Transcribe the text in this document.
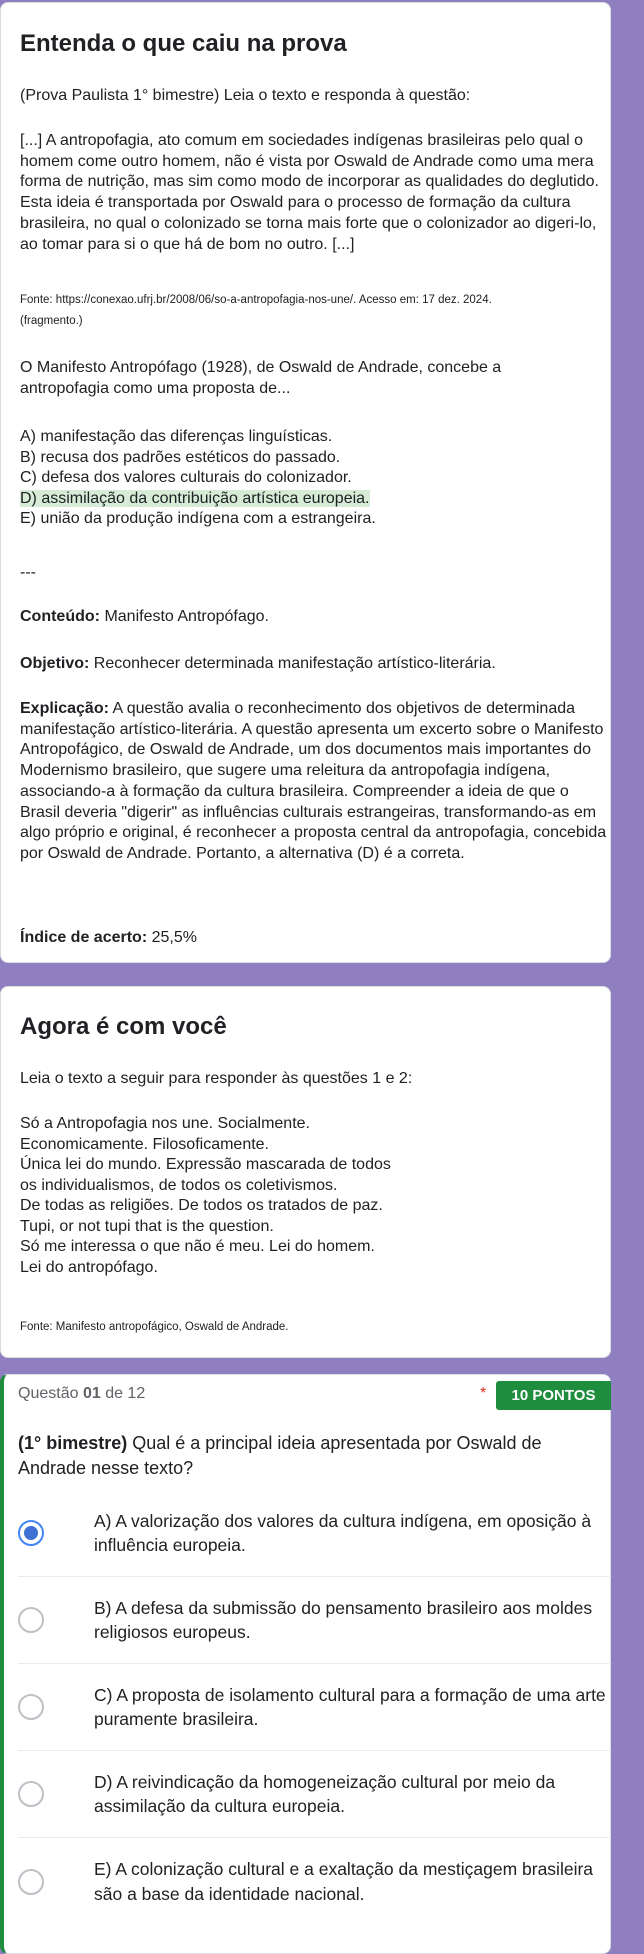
Entenda o que caiu na prova

(Prova Paulista 1° bimestre) Leia o texto e responda à questão:

[...] A antropofagia, ato comum em sociedades indígenas brasileiras pelo qual o homem come outro homem, não é vista por Oswald de Andrade como uma mera forma de nutrição, mas sim como modo de incorporar as qualidades do deglutido. Esta ideia é transportada por Oswald para o processo de formação da cultura brasileira, no qual o colonizado se torna mais forte que o colonizador ao digeri-lo, ao tomar para si o que há de bom no outro. [...]

Fonte: https://conexao.ufrj.br/2008/06/so-a-antropofagia-nos-une/. Acesso em: 17 dez. 2024.

(fragmento.)

O Manifesto Antropófago (1928), de Oswald de Andrade, concebe a antropofagia como uma proposta de...

A) manifestação das diferenças linguísticas.
B) recusa dos padrões estéticos do passado.
C) defesa dos valores culturais do colonizador.
D) assimilação da contribuição artística europeia.
E) união da produção indígena com a estrangeira.

---

Conteúdo: Manifesto Antropófago.

Objetivo: Reconhecer determinada manifestação artístico-literária.

Explicação: A questão avalia o reconhecimento dos objetivos de determinada manifestação artístico-literária. A questão apresenta um excerto sobre o Manifesto Antropofágico, de Oswald de Andrade, um dos documentos mais importantes do Modernismo brasileiro, que sugere uma releitura da antropofagia indígena, associando-a à formação da cultura brasileira. Compreender a ideia de que o Brasil deveria "digerir" as influências culturais estrangeiras, transformando-as em algo próprio e original, é reconhecer a proposta central da antropofagia, concebida por Oswald de Andrade. Portanto, a alternativa (D) é a correta.

Índice de acerto: 25,5%

Agora é com você

Leia o texto a seguir para responder às questões 1 e 2:

Só a Antropofagia nos une. Socialmente.
Economicamente. Filosoficamente.
Única lei do mundo. Expressão mascarada de todos
os individualismos, de todos os coletivismos.
De todas as religiões. De todos os tratados de paz.
Tupi, or not tupi that is the question.
Só me interessa o que não é meu. Lei do homem.
Lei do antropófago.

Fonte: Manifesto antropofágico, Oswald de Andrade.

Questão 01 de 12	*	10 PONTOS

(1° bimestre) Qual é a principal ideia apresentada por Oswald de Andrade nesse texto?

A) A valorização dos valores da cultura indígena, em oposição à influência europeia.
B) A defesa da submissão do pensamento brasileiro aos moldes religiosos europeus.
C) A proposta de isolamento cultural para a formação de uma arte puramente brasileira.
D) A reivindicação da homogeneização cultural por meio da assimilação da cultura europeia.
E) A colonização cultural e a exaltação da mestiçagem brasileira são a base da identidade nacional.
